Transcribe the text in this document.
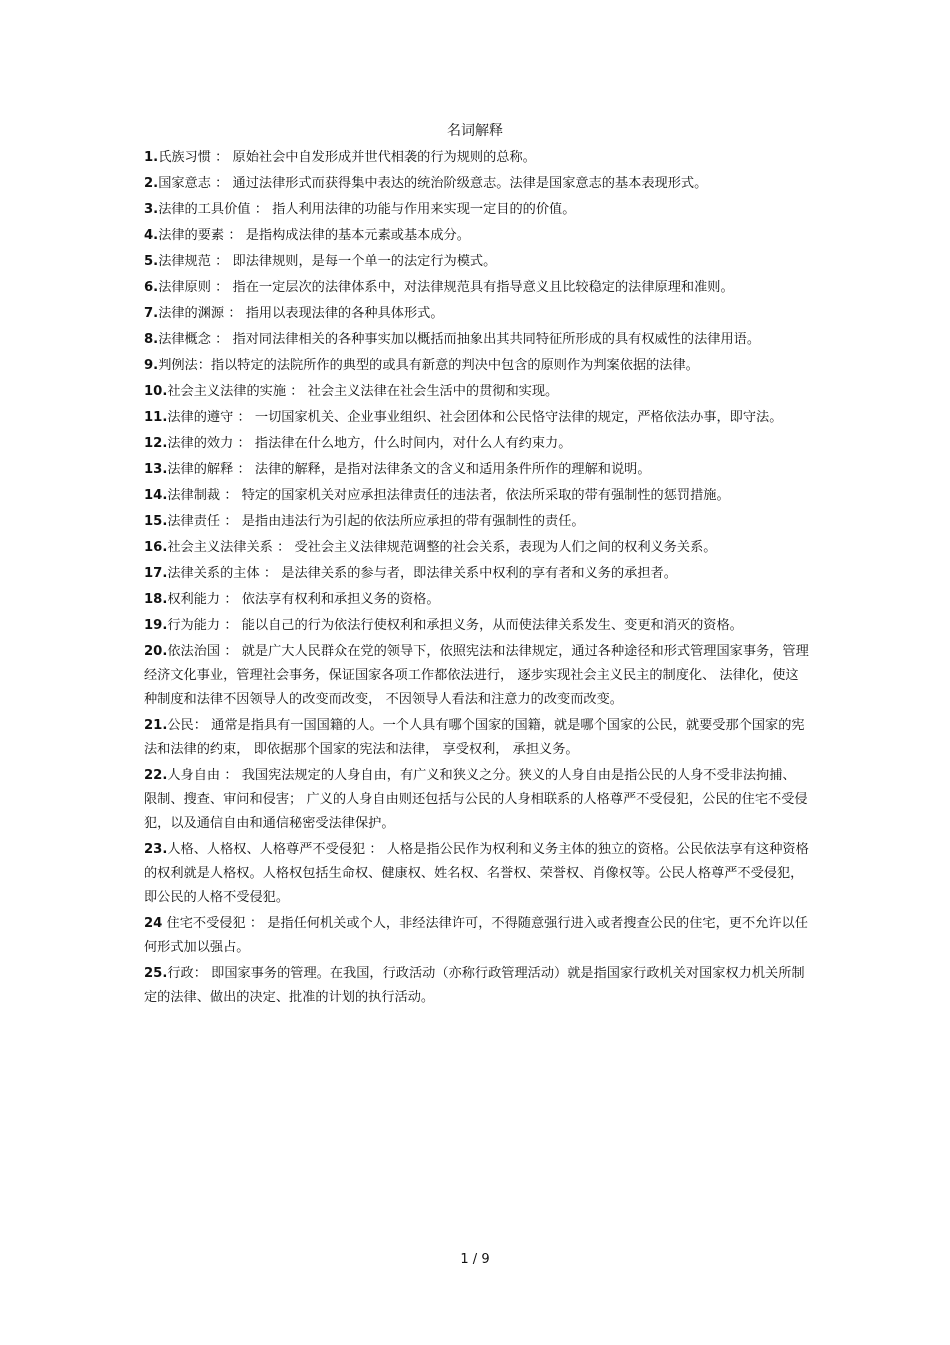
名词解释
1.氏族习惯 ： 原始社会中自发形成并世代相袭的行为规则的总称。
2.国家意志 ： 通过法律形式而获得集中表达的统治阶级意志。法律是国家意志的基本表现形式。
3.法律的工具价值 ： 指人利用法律的功能与作用来实现一定目的的价值。
4.法律的要素 ： 是指构成法律的基本元素或基本成分。
5.法律规范 ： 即法律规则，是每一个单一的法定行为模式。
6.法律原则 ： 指在一定层次的法律体系中，对法律规范具有指导意义且比较稳定的法律原理和准则。
7.法律的渊源 ： 指用以表现法律的各种具体形式。
8.法律概念 ： 指对同法律相关的各种事实加以概括而抽象出其共同特征所形成的具有权威性的法律用语。
9.判例法：指以特定的法院所作的典型的或具有新意的判决中包含的原则作为判案依据的法律。
10.社会主义法律的实施 ： 社会主义法律在社会生活中的贯彻和实现。
11.法律的遵守 ： 一切国家机关、企业事业组织、社会团体和公民恪守法律的规定，严格依法办事，即守法。
12.法律的效力 ： 指法律在什么地方，什么时间内，对什么人有约束力。
13.法律的解释 ： 法律的解释，是指对法律条文的含义和适用条件所作的理解和说明。
14.法律制裁 ： 特定的国家机关对应承担法律责任的违法者，依法所采取的带有强制性的惩罚措施。
15.法律责任 ： 是指由违法行为引起的依法所应承担的带有强制性的责任。
16.社会主义法律关系 ： 受社会主义法律规范调整的社会关系，表现为人们之间的权利义务关系。
17.法律关系的主体 ： 是法律关系的参与者，即法律关系中权利的享有者和义务的承担者。
18.权利能力 ： 依法享有权利和承担义务的资格。
19.行为能力 ： 能以自己的行为依法行使权利和承担义务，从而使法律关系发生、变更和消灭的资格。
20.依法治国 ： 就是广大人民群众在党的领导下，依照宪法和法律规定，通过各种途径和形式管理国家事务，管理经济文化事业，管理社会事务，保证国家各项工作都依法进行， 逐步实现社会主义民主的制度化、 法律化，使这种制度和法律不因领导人的改变而改变， 不因领导人看法和注意力的改变而改变。
21.公民： 通常是指具有一国国籍的人。一个人具有哪个国家的国籍，就是哪个国家的公民，就要受那个国家的宪法和法律的约束， 即依据那个国家的宪法和法律， 享受权利， 承担义务。
22.人身自由 ： 我国宪法规定的人身自由，有广义和狭义之分。狭义的人身自由是指公民的人身不受非法拘捕、 限制、搜查、审问和侵害； 广义的人身自由则还包括与公民的人身相联系的人格尊严不受侵犯，公民的住宅不受侵犯，以及通信自由和通信秘密受法律保护。
23.人格、人格权、人格尊严不受侵犯 ： 人格是指公民作为权利和义务主体的独立的资格。公民依法享有这种资格的权利就是人格权。人格权包括生命权、健康权、姓名权、名誉权、荣誉权、肖像权等。公民人格尊严不受侵犯，即公民的人格不受侵犯。
24 住宅不受侵犯 ： 是指任何机关或个人，非经法律许可，不得随意强行进入或者搜查公民的住宅，更不允许以任何形式加以强占。
25.行政： 即国家事务的管理。在我国，行政活动（亦称行政管理活动）就是指国家行政机关对国家权力机关所制定的法律、做出的决定、批准的计划的执行活动。
1 / 9
